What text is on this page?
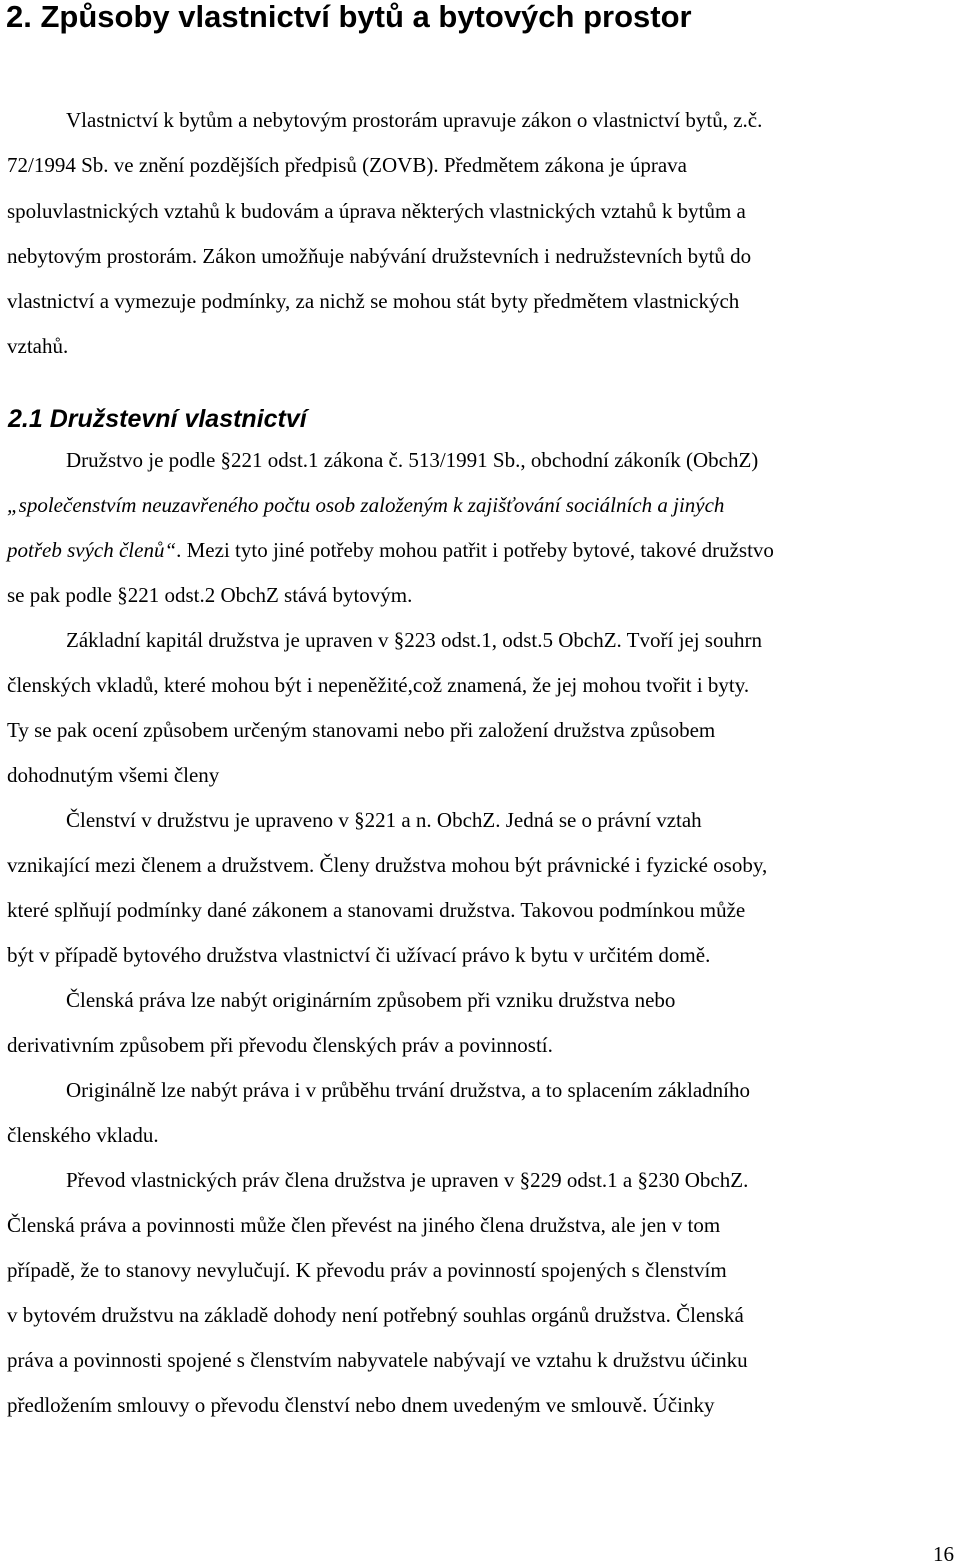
2. Způsoby vlastnictví bytů a bytových prostor

Vlastnictví k bytům a nebytovým prostorám upravuje zákon o vlastnictví bytů, z.č.

72/1994 Sb. ve znění pozdějších předpisů (ZOVB). Předmětem zákona je úprava

spoluvlastnických vztahů k budovám a úprava některých vlastnických vztahů k bytům a

nebytovým prostorám. Zákon umožňuje nabývání družstevních i nedružstevních bytů do

vlastnictví a vymezuje podmínky, za nichž se mohou stát byty předmětem vlastnických

vztahů.

2.1 Družstevní vlastnictví

Družstvo je podle §221 odst.1 zákona č. 513/1991 Sb., obchodní zákoník (ObchZ)

„společenstvím neuzavřeného počtu osob založeným k zajišťování sociálních a jiných

potřeb svých členů“. Mezi tyto jiné potřeby mohou patřit i potřeby bytové, takové družstvo

se pak podle §221 odst.2 ObchZ stává bytovým.

Základní kapitál družstva je upraven v §223 odst.1, odst.5 ObchZ. Tvoří jej souhrn

členských vkladů, které mohou být i nepeněžité,což znamená, že jej mohou tvořit i byty.

Ty se pak ocení způsobem určeným stanovami nebo při založení družstva způsobem

dohodnutým všemi členy

Členství v družstvu je upraveno v §221 a n. ObchZ. Jedná se o právní vztah

vznikající mezi členem a družstvem. Členy družstva mohou být právnické i fyzické osoby,

které splňují podmínky dané zákonem a stanovami družstva. Takovou podmínkou může

být v případě bytového družstva vlastnictví či užívací právo k bytu v určitém domě.

Členská práva lze nabýt originárním způsobem při vzniku družstva nebo

derivativním způsobem při převodu členských práv a povinností.

Originálně lze nabýt práva i v průběhu trvání družstva, a to splacením základního

členského vkladu.

Převod vlastnických práv člena družstva je upraven v §229 odst.1 a §230 ObchZ.

Členská práva a povinnosti může člen převést na jiného člena družstva, ale jen v tom

případě, že to stanovy nevylučují. K převodu práv a povinností spojených s členstvím

v bytovém družstvu na základě dohody není potřebný souhlas orgánů družstva. Členská

práva a povinnosti spojené s členstvím nabyvatele nabývají ve vztahu k družstvu účinku

předložením smlouvy o převodu členství nebo dnem uvedeným ve smlouvě. Účinky

16
